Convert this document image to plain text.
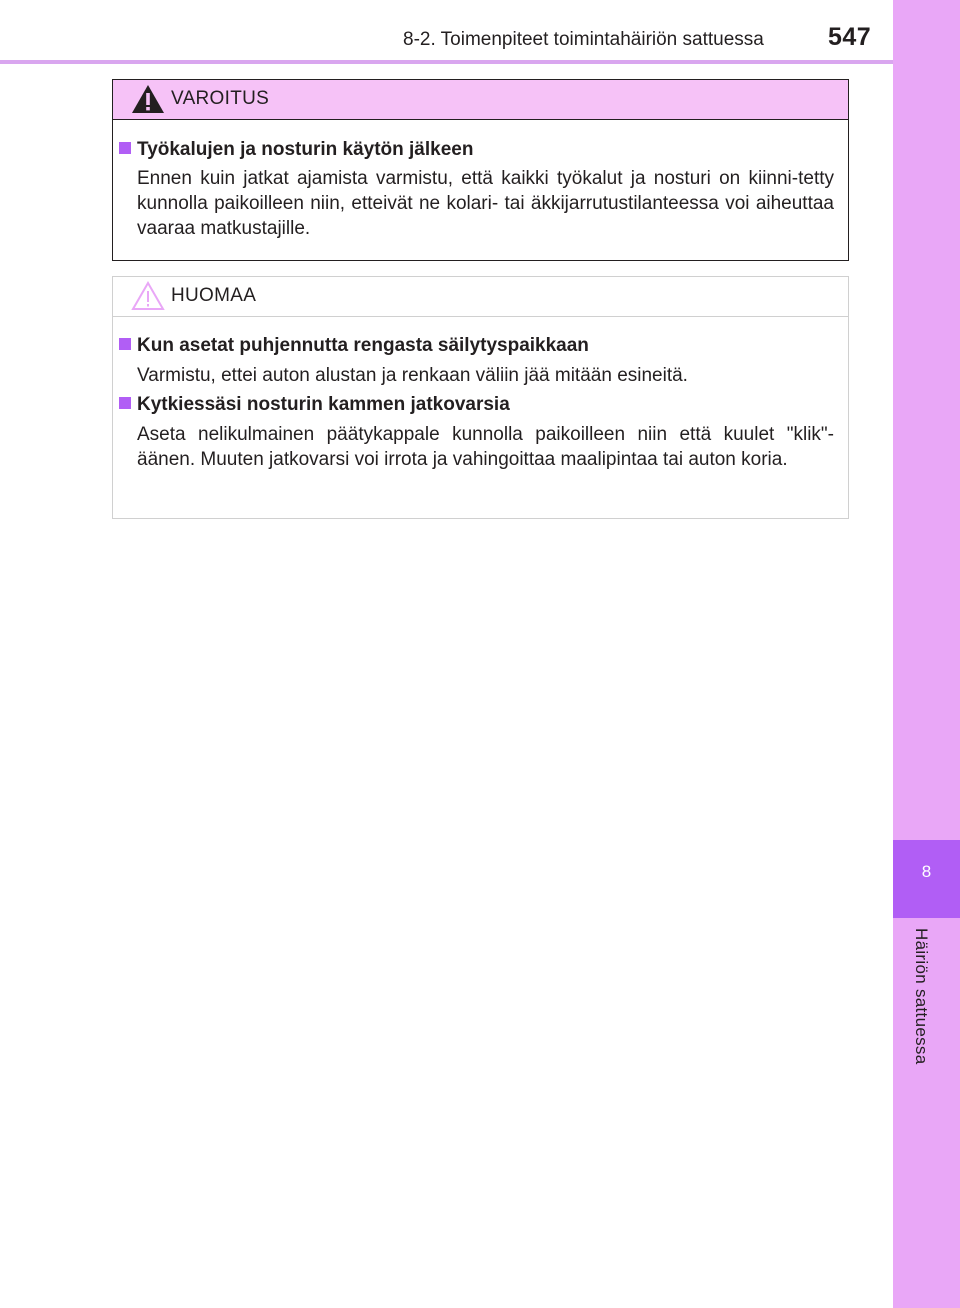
8-2. Toimenpiteet toimintahäiriön sattuessa	547
8
Häiriön sattuessa
VAROITUS
Työkalujen ja nosturin käytön jälkeen
Ennen kuin jatkat ajamista varmistu, että kaikki työkalut ja nosturi on kiinni-tetty kunnolla paikoilleen niin, etteivät ne kolari- tai äkkijarrutustilanteessa voi aiheuttaa vaaraa matkustajille.
HUOMAA
Kun asetat puhjennutta rengasta säilytyspaikkaan
Varmistu, ettei auton alustan ja renkaan väliin jää mitään esineitä.
Kytkiessäsi nosturin kammen jatkovarsia
Aseta nelikulmainen päätykappale kunnolla paikoilleen niin että kuulet "klik"-äänen. Muuten jatkovarsi voi irrota ja vahingoittaa maalipintaa tai auton koria.
